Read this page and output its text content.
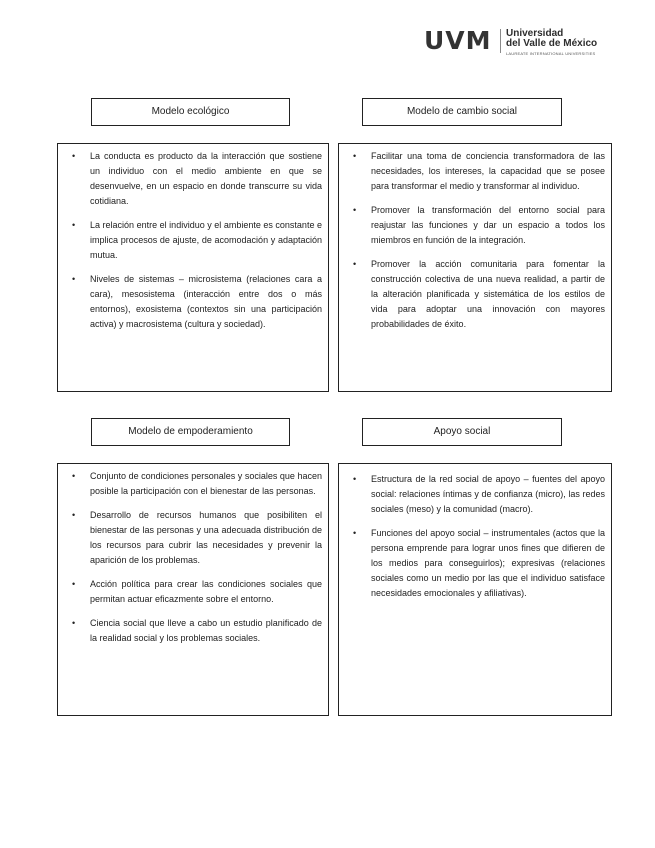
UVM Universidad
del Valle de México
LAUREATE INTERNATIONAL UNIVERSITIES
Modelo ecológico
• La conducta es producto da la interacción que sostiene un individuo con el medio ambiente en que se desenvuelve, en un espacio en donde transcurre su vida cotidiana.
• La relación entre el individuo y el ambiente es constante e implica procesos de ajuste, de acomodación y adaptación mutua.
• Niveles de sistemas – microsistema (relaciones cara a cara), mesosistema (interacción entre dos o más entornos), exosistema (contextos sin una participación activa) y macrosistema (cultura y sociedad).
Modelo de cambio social
• Facilitar una toma de conciencia transformadora de las necesidades, los intereses, la capacidad que se posee para transformar el medio y transformar al individuo.
• Promover la transformación del entorno social para reajustar las funciones y dar un espacio a todos los miembros en función de la integración.
• Promover la acción comunitaria para fomentar la construcción colectiva de una nueva realidad, a partir de la alteración planificada y sistemática de los estilos de vida para adoptar una innovación con mayores probabilidades de éxito.
Modelo de empoderamiento
• Conjunto de condiciones personales y sociales que hacen posible la participación con el bienestar de las personas.
• Desarrollo de recursos humanos que posibiliten el bienestar de las personas y una adecuada distribución de los recursos para cubrir las necesidades y prevenir la aparición de los problemas.
• Acción política para crear las condiciones sociales que permitan actuar eficazmente sobre el entorno.
• Ciencia social que lleve a cabo un estudio planificado de la realidad social y los problemas sociales.
Apoyo social
• Estructura de la red social de apoyo – fuentes del apoyo social: relaciones íntimas y de confianza (micro), las redes sociales (meso) y la comunidad (macro).
• Funciones del apoyo social – instrumentales (actos que la persona emprende para lograr unos fines que difieren de los medios para conseguirlos); expresivas (relaciones sociales como un medio por las que el individuo satisface necesidades emocionales y afiliativas).
